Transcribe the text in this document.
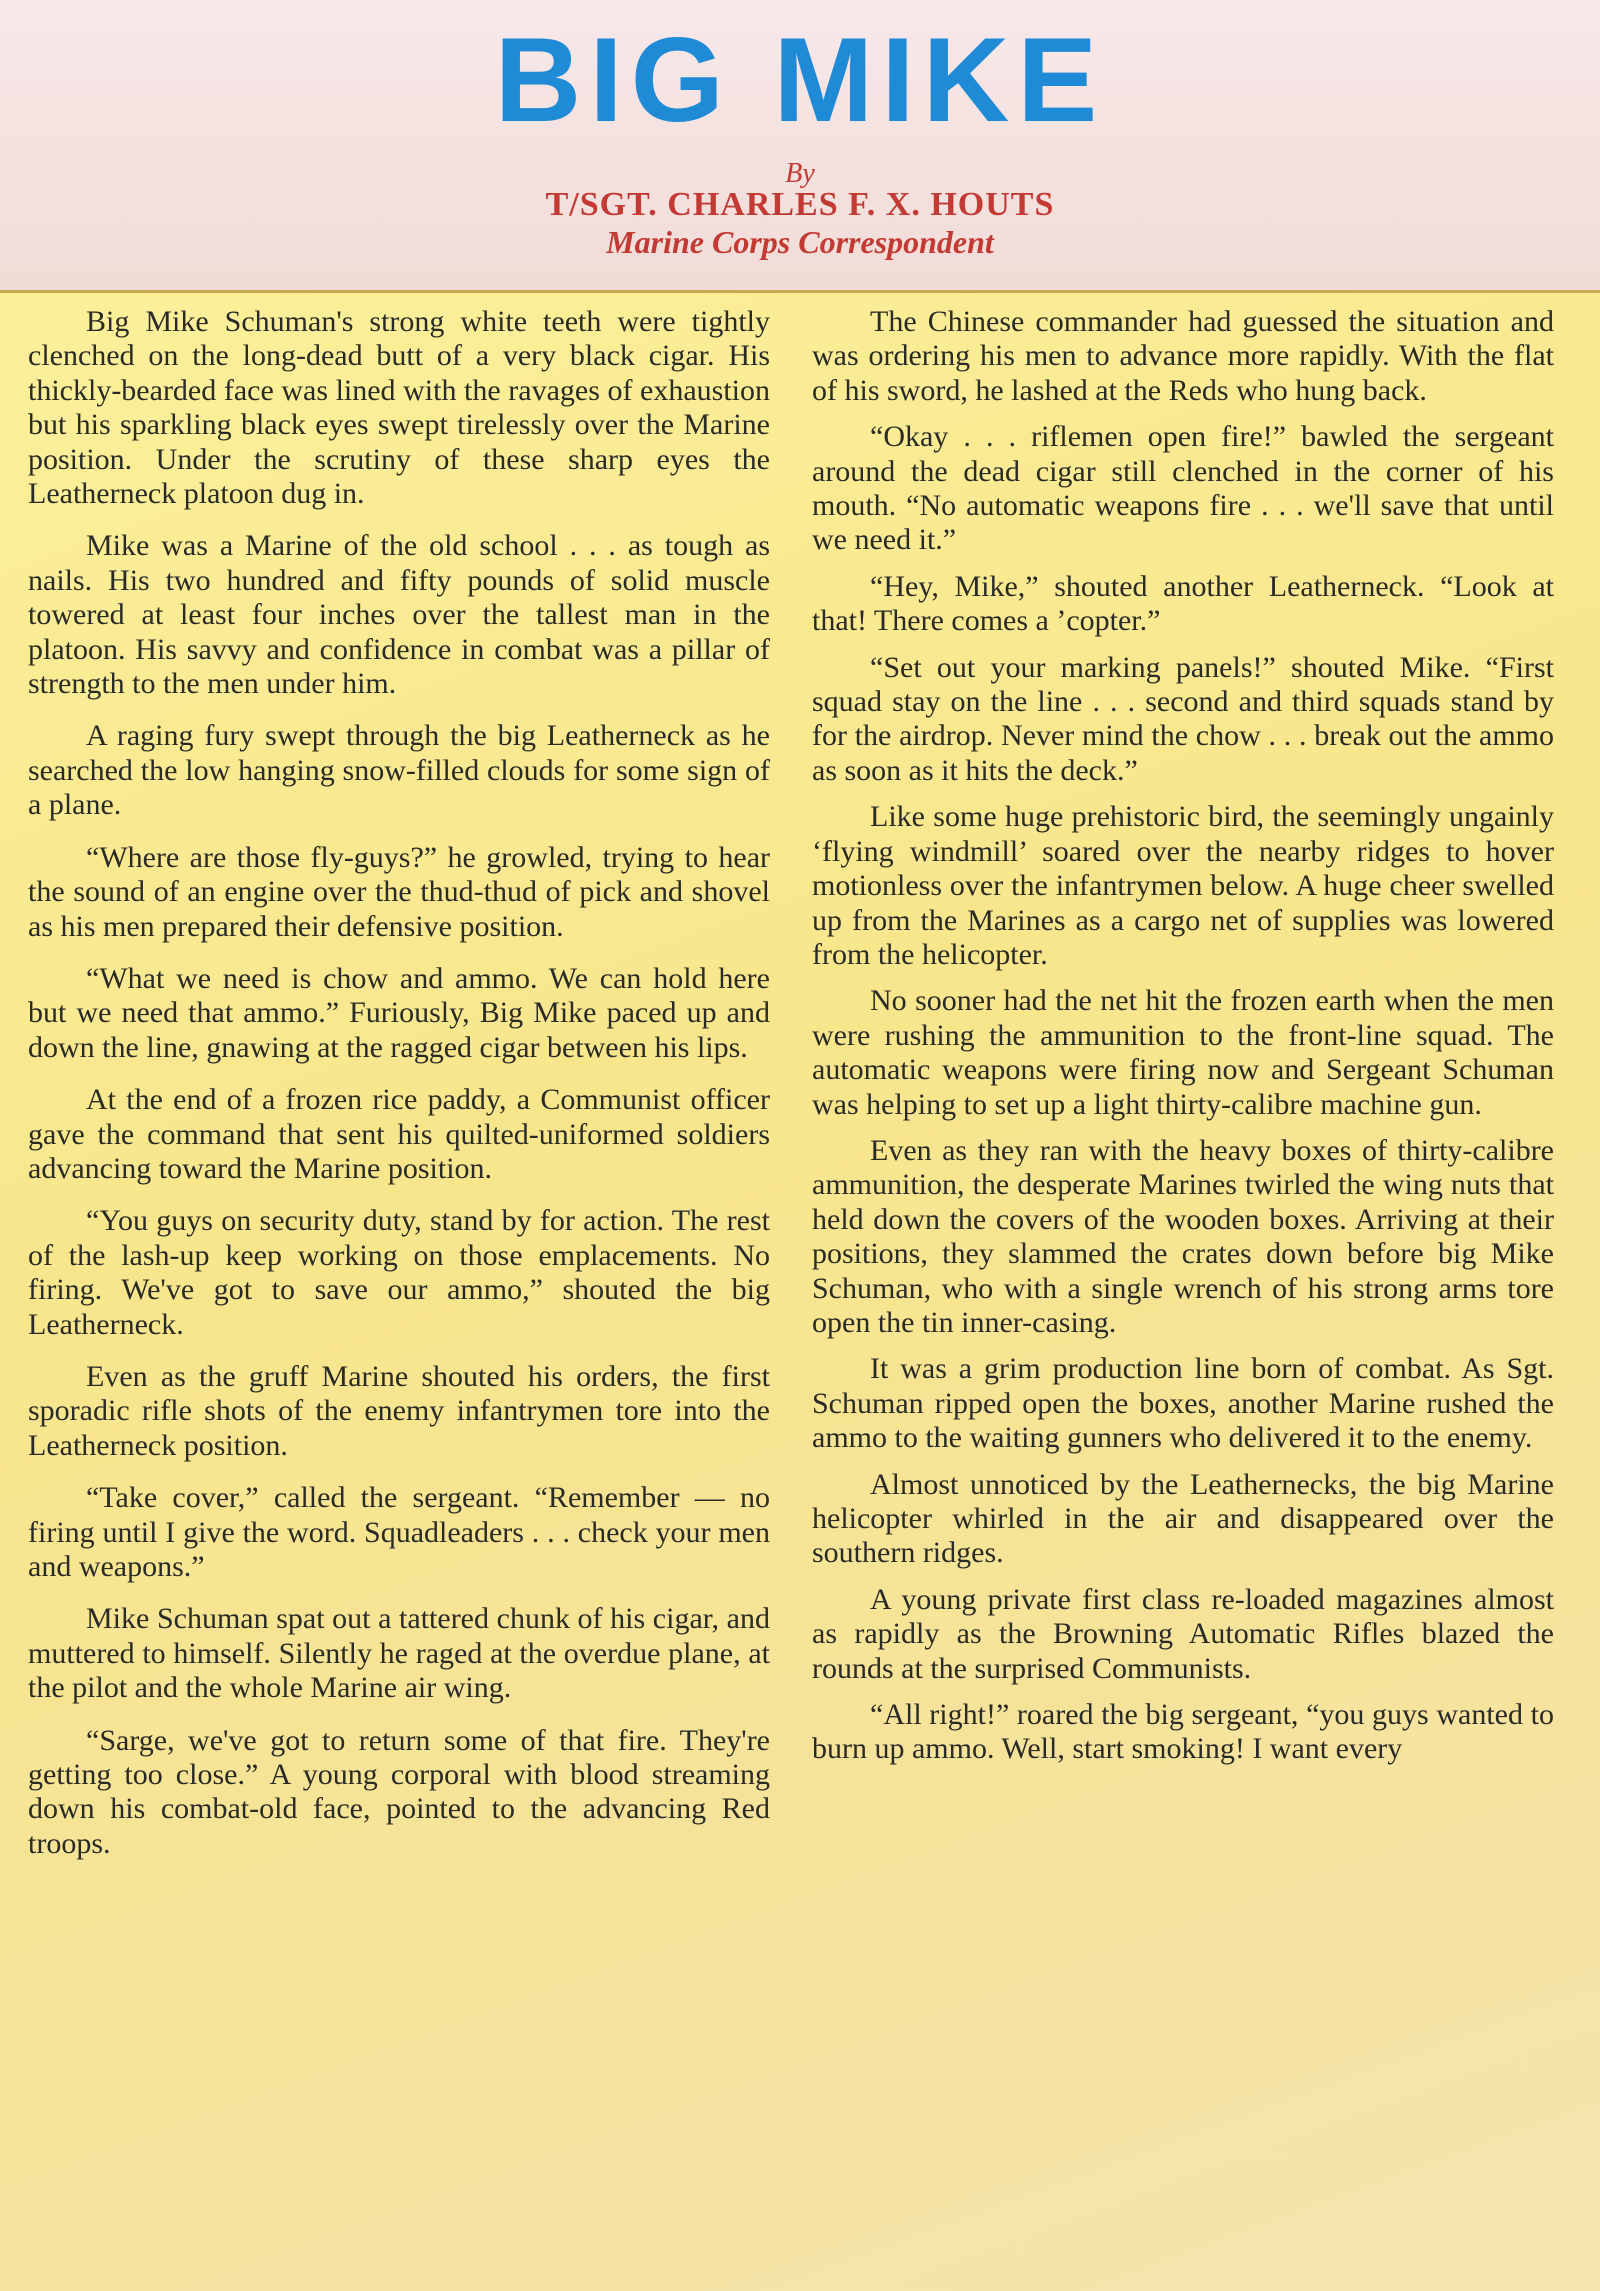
BIG MIKE
By
T/SGT. CHARLES F. X. HOUTS
Marine Corps Correspondent

Big Mike Schuman's strong white teeth were tightly clenched on the long-dead butt of a very black cigar. His thickly-bearded face was lined with the ravages of exhaustion but his sparkling black eyes swept tirelessly over the Marine position. Under the scrutiny of these sharp eyes the Leatherneck platoon dug in.

Mike was a Marine of the old school . . . as tough as nails. His two hundred and fifty pounds of solid muscle towered at least four inches over the tallest man in the platoon. His savvy and confidence in combat was a pillar of strength to the men under him.

A raging fury swept through the big Leatherneck as he searched the low hanging snow-filled clouds for some sign of a plane.

“Where are those fly-guys?” he growled, trying to hear the sound of an engine over the thud-thud of pick and shovel as his men prepared their defensive position.

“What we need is chow and ammo. We can hold here but we need that ammo.” Furiously, Big Mike paced up and down the line, gnawing at the ragged cigar between his lips.

At the end of a frozen rice paddy, a Communist officer gave the command that sent his quilted-uniformed soldiers advancing toward the Marine position.

“You guys on security duty, stand by for action. The rest of the lash-up keep working on those emplacements. No firing. We've got to save our ammo,” shouted the big Leatherneck.

Even as the gruff Marine shouted his orders, the first sporadic rifle shots of the enemy infantrymen tore into the Leatherneck position.

“Take cover,” called the sergeant. “Remember — no firing until I give the word. Squadleaders . . . check your men and weapons.”

Mike Schuman spat out a tattered chunk of his cigar, and muttered to himself. Silently he raged at the overdue plane, at the pilot and the whole Marine air wing.

“Sarge, we've got to return some of that fire. They're getting too close.” A young corporal with blood streaming down his combat-old face, pointed to the advancing Red troops.

The Chinese commander had guessed the situation and was ordering his men to advance more rapidly. With the flat of his sword, he lashed at the Reds who hung back.

“Okay . . . riflemen open fire!” bawled the sergeant around the dead cigar still clenched in the corner of his mouth. “No automatic weapons fire . . . we'll save that until we need it.”

“Hey, Mike,” shouted another Leatherneck. “Look at that! There comes a ’copter.”

“Set out your marking panels!” shouted Mike. “First squad stay on the line . . . second and third squads stand by for the airdrop. Never mind the chow . . . break out the ammo as soon as it hits the deck.”

Like some huge prehistoric bird, the seemingly ungainly ‘flying windmill’ soared over the nearby ridges to hover motionless over the infantrymen below. A huge cheer swelled up from the Marines as a cargo net of supplies was lowered from the helicopter.

No sooner had the net hit the frozen earth when the men were rushing the ammunition to the front-line squad. The automatic weapons were firing now and Sergeant Schuman was helping to set up a light thirty-calibre machine gun.

Even as they ran with the heavy boxes of thirty-calibre ammunition, the desperate Marines twirled the wing nuts that held down the covers of the wooden boxes. Arriving at their positions, they slammed the crates down before big Mike Schuman, who with a single wrench of his strong arms tore open the tin inner-casing.

It was a grim production line born of combat. As Sgt. Schuman ripped open the boxes, another Marine rushed the ammo to the waiting gunners who delivered it to the enemy.

Almost unnoticed by the Leathernecks, the big Marine helicopter whirled in the air and disappeared over the southern ridges.

A young private first class re-loaded magazines almost as rapidly as the Browning Automatic Rifles blazed the rounds at the surprised Communists.

“All right!” roared the big sergeant, “you guys wanted to burn up ammo. Well, start smoking! I want every
